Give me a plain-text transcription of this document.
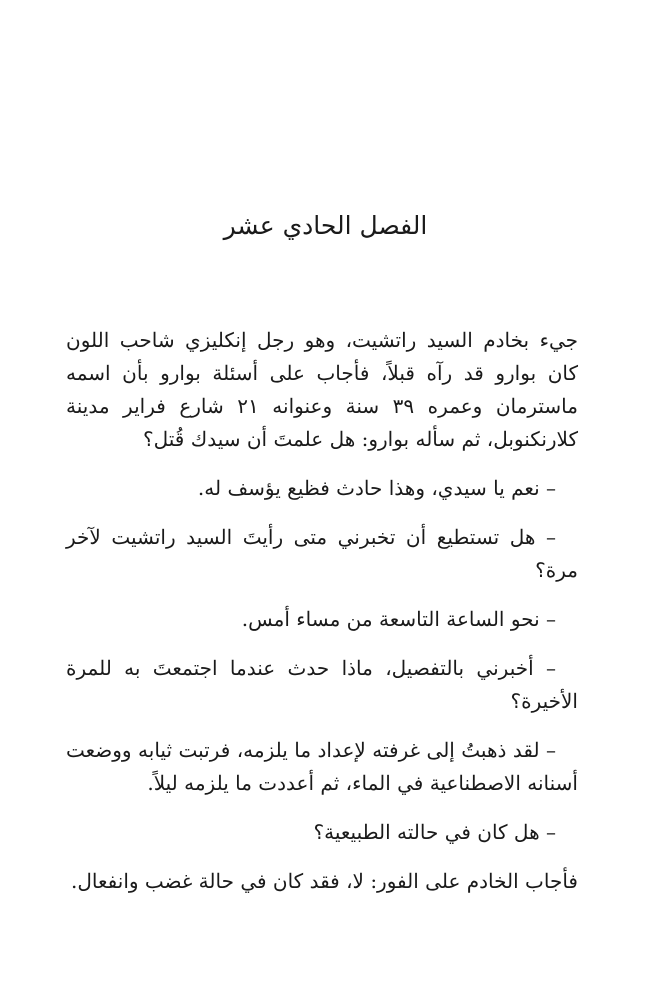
الفصل الحادي عشر

جيء بخادم السيد راتشيت، وهو رجل إنكليزي شاحب اللون كان بوارو قد رآه قبلاً، فأجاب على أسئلة بوارو بأن اسمه ماسترمان وعمره ٣٩ سنة وعنوانه ٢١ شارع فراير مدينة كلارنكنوبل، ثم سأله بوارو: هل علمتَ أن سيدك قُتل؟

– نعم يا سيدي، وهذا حادث فظيع يؤسف له.

– هل تستطيع أن تخبرني متى رأيتَ السيد راتشيت لآخر مرة؟

– نحو الساعة التاسعة من مساء أمس.

– أخبرني بالتفصيل، ماذا حدث عندما اجتمعتَ به للمرة الأخيرة؟

– لقد ذهبتُ إلى غرفته لإعداد ما يلزمه، فرتبت ثيابه ووضعت أسنانه الاصطناعية في الماء، ثم أعددت ما يلزمه ليلاً.

– هل كان في حالته الطبيعية؟

فأجاب الخادم على الفور: لا، فقد كان في حالة غضب وانفعال.
